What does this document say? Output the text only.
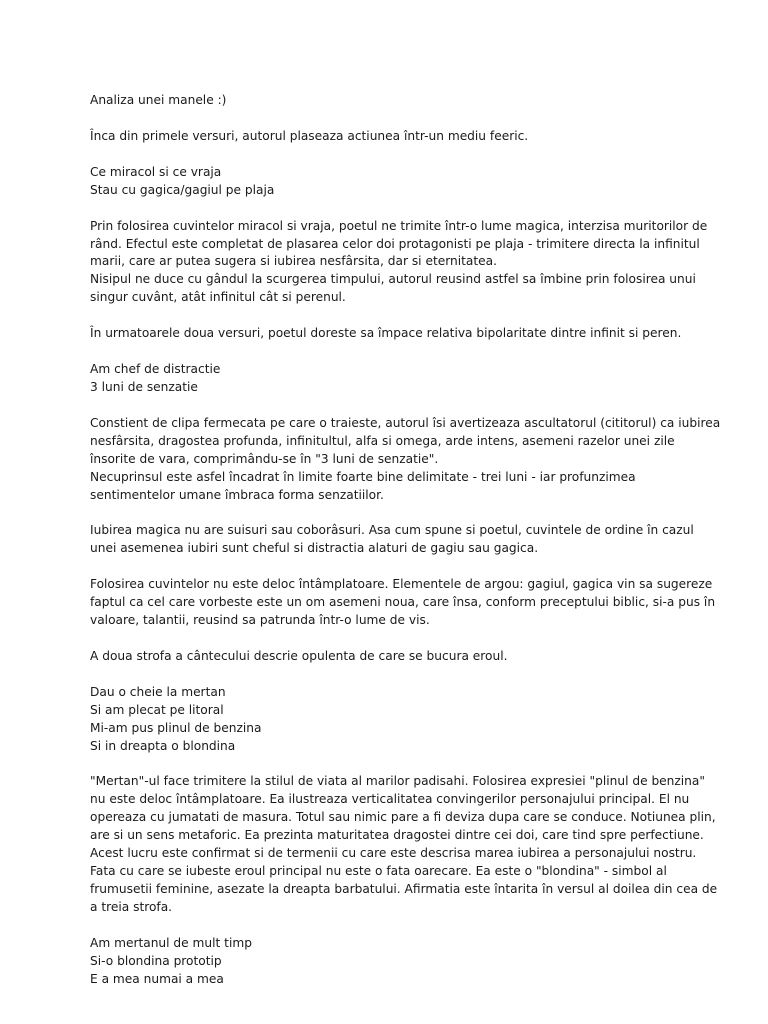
Analiza unei manele :)
Înca din primele versuri, autorul plaseaza actiunea într-un mediu feeric.
Ce miracol si ce vraja
Stau cu gagica/gagiul pe plaja
Prin folosirea cuvintelor miracol si vraja, poetul ne trimite într-o lume magica, interzisa muritorilor de
rând. Efectul este completat de plasarea celor doi protagonisti pe plaja - trimitere directa la infinitul
marii, care ar putea sugera si iubirea nesfârsita, dar si eternitatea.
Nisipul ne duce cu gândul la scurgerea timpului, autorul reusind astfel sa îmbine prin folosirea unui
singur cuvânt, atât infinitul cât si perenul.
În urmatoarele doua versuri, poetul doreste sa împace relativa bipolaritate dintre infinit si peren.
Am chef de distractie
3 luni de senzatie
Constient de clipa fermecata pe care o traieste, autorul îsi avertizeaza ascultatorul (cititorul) ca iubirea
nesfârsita, dragostea profunda, infinitultul, alfa si omega, arde intens, asemeni razelor unei zile
însorite de vara, comprimându-se în "3 luni de senzatie".
Necuprinsul este asfel încadrat în limite foarte bine delimitate - trei luni - iar profunzimea
sentimentelor umane îmbraca forma senzatiilor.
Iubirea magica nu are suisuri sau coborâsuri. Asa cum spune si poetul, cuvintele de ordine în cazul
unei asemenea iubiri sunt cheful si distractia alaturi de gagiu sau gagica.
Folosirea cuvintelor nu este deloc întâmplatoare. Elementele de argou: gagiul, gagica vin sa sugereze
faptul ca cel care vorbeste este un om asemeni noua, care însa, conform preceptului biblic, si-a pus în
valoare, talantii, reusind sa patrunda într-o lume de vis.
A doua strofa a cântecului descrie opulenta de care se bucura eroul.
Dau o cheie la mertan
Si am plecat pe litoral
Mi-am pus plinul de benzina
Si in dreapta o blondina
"Mertan"-ul face trimitere la stilul de viata al marilor padisahi. Folosirea expresiei "plinul de benzina"
nu este deloc întâmplatoare. Ea ilustreaza verticalitatea convingerilor personajului principal. El nu
opereaza cu jumatati de masura. Totul sau nimic pare a fi deviza dupa care se conduce. Notiunea plin,
are si un sens metaforic. Ea prezinta maturitatea dragostei dintre cei doi, care tind spre perfectiune.
Acest lucru este confirmat si de termenii cu care este descrisa marea iubirea a personajului nostru.
Fata cu care se iubeste eroul principal nu este o fata oarecare. Ea este o "blondina" - simbol al
frumusetii feminine, asezate la dreapta barbatului. Afirmatia este întarita în versul al doilea din cea de
a treia strofa.
Am mertanul de mult timp
Si-o blondina prototip
E a mea numai a mea
